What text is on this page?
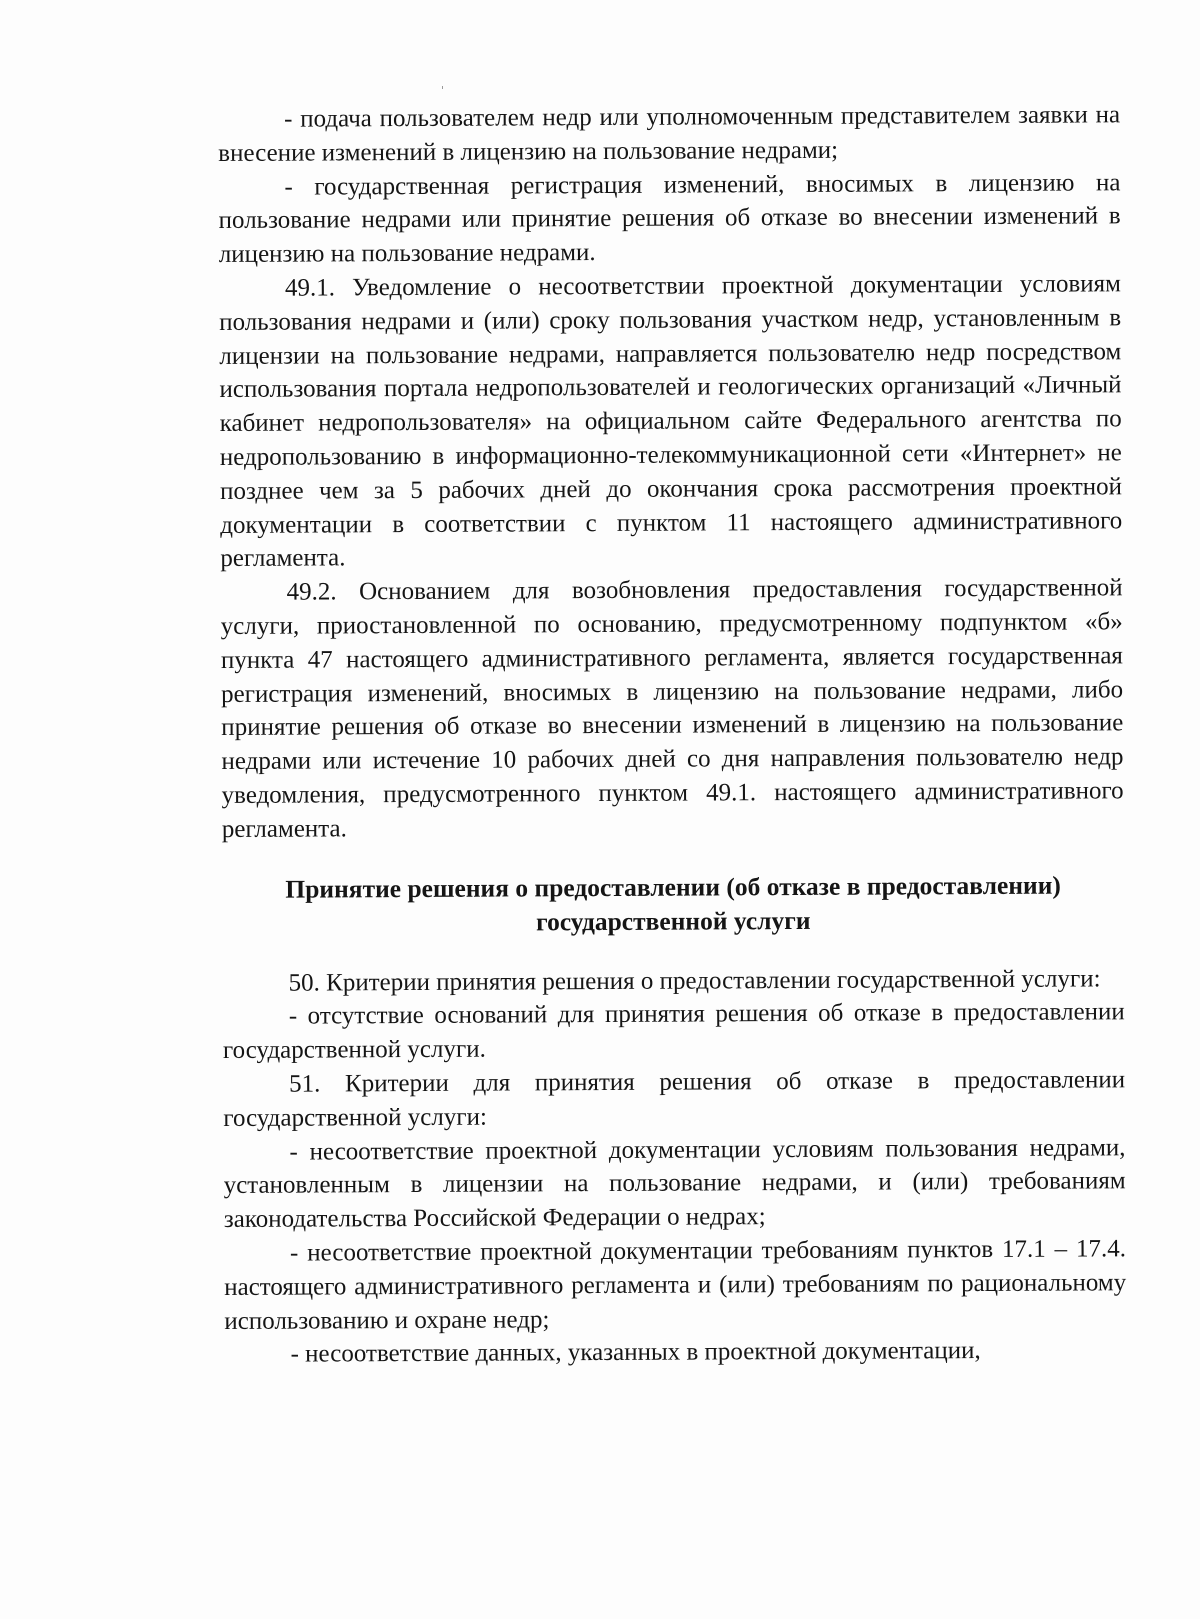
- подача пользователем недр или уполномоченным представителем заявки на внесение изменений в лицензию на пользование недрами;

- государственная регистрация изменений, вносимых в лицензию на пользование недрами или принятие решения об отказе во внесении изменений в лицензию на пользование недрами.

49.1. Уведомление о несоответствии проектной документации условиям пользования недрами и (или) сроку пользования участком недр, установленным в лицензии на пользование недрами, направляется пользователю недр посредством использования портала недропользователей и геологических организаций «Личный кабинет недропользователя» на официальном сайте Федерального агентства по недропользованию в информационно-телекоммуникационной сети «Интернет» не позднее чем за 5 рабочих дней до окончания срока рассмотрения проектной документации в соответствии с пунктом 11 настоящего административного регламента.

49.2. Основанием для возобновления предоставления государственной услуги, приостановленной по основанию, предусмотренному подпунктом «б» пункта 47 настоящего административного регламента, является государственная регистрация изменений, вносимых в лицензию на пользование недрами, либо принятие решения об отказе во внесении изменений в лицензию на пользование недрами или истечение 10 рабочих дней со дня направления пользователю недр уведомления, предусмотренного пунктом 49.1. настоящего административного регламента.

Принятие решения о предоставлении (об отказе в предоставлении) государственной услуги

50. Критерии принятия решения о предоставлении государственной услуги:

- отсутствие оснований для принятия решения об отказе в предоставлении государственной услуги.

51. Критерии для принятия решения об отказе в предоставлении государственной услуги:

- несоответствие проектной документации условиям пользования недрами, установленным в лицензии на пользование недрами, и (или) требованиям законодательства Российской Федерации о недрах;

- несоответствие проектной документации требованиям пунктов 17.1 – 17.4. настоящего административного регламента и (или) требованиям по рациональному использованию и охране недр;

- несоответствие данных, указанных в проектной документации,
